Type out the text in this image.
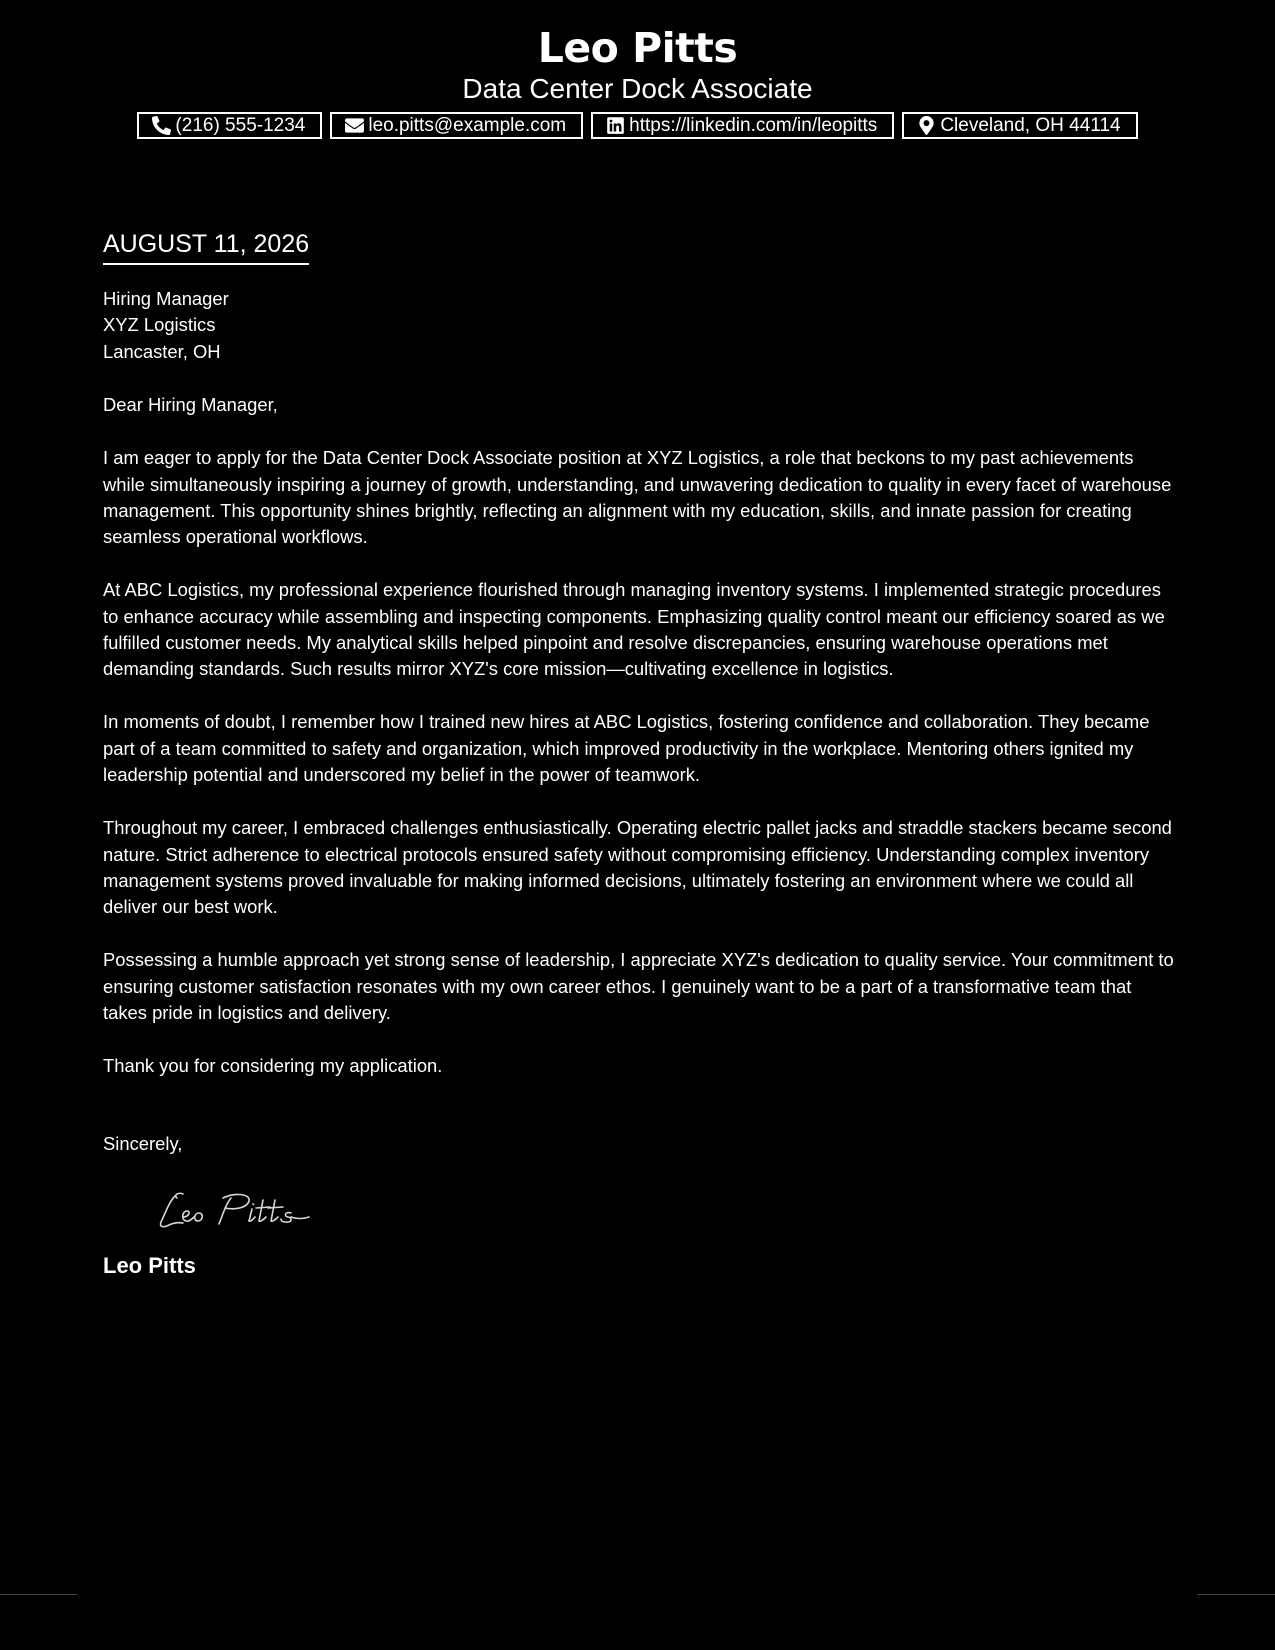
Leo Pitts
Data Center Dock Associate
(216) 555-1234	leo.pitts@example.com	https://linkedin.com/in/leopitts	Cleveland, OH 44114
AUGUST 11, 2026
Hiring Manager
XYZ Logistics
Lancaster, OH
Dear Hiring Manager,
I am eager to apply for the Data Center Dock Associate position at XYZ Logistics, a role that beckons to my past achievements while simultaneously inspiring a journey of growth, understanding, and unwavering dedication to quality in every facet of warehouse management. This opportunity shines brightly, reflecting an alignment with my education, skills, and innate passion for creating seamless operational workflows.
At ABC Logistics, my professional experience flourished through managing inventory systems. I implemented strategic procedures to enhance accuracy while assembling and inspecting components. Emphasizing quality control meant our efficiency soared as we fulfilled customer needs. My analytical skills helped pinpoint and resolve discrepancies, ensuring warehouse operations met demanding standards. Such results mirror XYZ's core mission—cultivating excellence in logistics.
In moments of doubt, I remember how I trained new hires at ABC Logistics, fostering confidence and collaboration. They became part of a team committed to safety and organization, which improved productivity in the workplace. Mentoring others ignited my leadership potential and underscored my belief in the power of teamwork.
Throughout my career, I embraced challenges enthusiastically. Operating electric pallet jacks and straddle stackers became second nature. Strict adherence to electrical protocols ensured safety without compromising efficiency. Understanding complex inventory management systems proved invaluable for making informed decisions, ultimately fostering an environment where we could all deliver our best work.
Possessing a humble approach yet strong sense of leadership, I appreciate XYZ's dedication to quality service. Your commitment to ensuring customer satisfaction resonates with my own career ethos. I genuinely want to be a part of a transformative team that takes pride in logistics and delivery.
Thank you for considering my application.
Sincerely,
Leo Pitts
